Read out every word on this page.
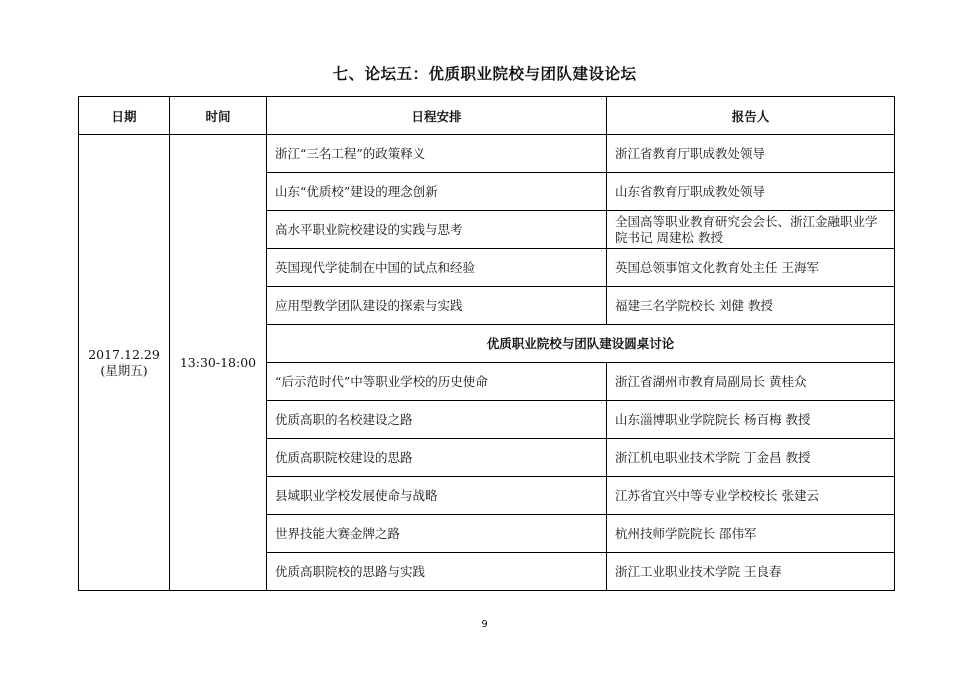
七、论坛五：优质职业院校与团队建设论坛
日期	时间	日程安排	报告人

2017.12.29
(星期五)	13:30-18:00	浙江“三名工程”的政策释义	浙江省教育厅职成教处领导
		山东“优质校”建设的理念创新	山东省教育厅职成教处领导
		高水平职业院校建设的实践与思考	全国高等职业教育研究会会长、浙江金融职业学院书记 周建松 教授
		英国现代学徒制在中国的试点和经验	英国总领事馆文化教育处主任 王海军
		应用型教学团队建设的探索与实践	福建三名学院校长 刘健 教授
		优质职业院校与团队建设圆桌讨论	
		“后示范时代”中等职业学校的历史使命	浙江省湖州市教育局副局长 黄桂众
		优质高职的名校建设之路	山东淄博职业学院院长 杨百梅 教授
		优质高职院校建设的思路	浙江机电职业技术学院 丁金昌 教授
		县域职业学校发展使命与战略	江苏省宜兴中等专业学校校长 张建云
		世界技能大赛金牌之路	杭州技师学院院长 邵伟军
		优质高职院校的思路与实践	浙江工业职业技术学院 王良春
9
